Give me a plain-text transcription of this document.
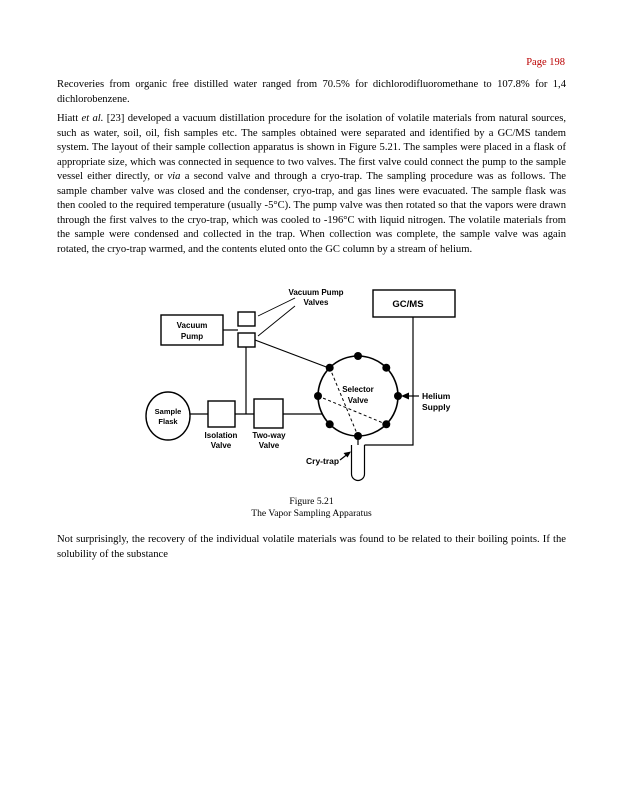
Page 198
Recoveries from organic free distilled water ranged from 70.5% for dichlorodifluoromethane to 107.8% for 1,4 dichlorobenzene.
Hiatt et al. [23] developed a vacuum distillation procedure for the isolation of volatile materials from natural sources, such as water, soil, oil, fish samples etc. The samples obtained were separated and identified by a GC/MS tandem system. The layout of their sample collection apparatus is shown in Figure 5.21. The samples were placed in a flask of appropriate size, which was connected in sequence to two valves. The first valve could connect the pump to the sample vessel either directly, or via a second valve and through a cryo-trap. The sampling procedure was as follows. The sample chamber valve was closed and the condenser, cryo-trap, and gas lines were evacuated. The sample flask was then cooled to the required temperature (usually -5°C). The pump valve was then rotated so that the vapors were drawn through the first valves to the cryo-trap, which was cooled to -196°C with liquid nitrogen. The volatile materials from the sample were condensed and collected in the trap. When collection was complete, the sample valve was again rotated, the cryo-trap warmed, and the contents eluted onto the GC column by a stream of helium.
GC/MS
Vacuum
Pump
Vacuum Pump
Valves
Sample
Flask
Isolation
Valve
Two-way
Valve
Selector
Valve	Helium
Supply
Cry-trap
Figure 5.21
The Vapor Sampling Apparatus
Not surprisingly, the recovery of the individual volatile materials was found to be related to their boiling points. If the solubility of the substance
